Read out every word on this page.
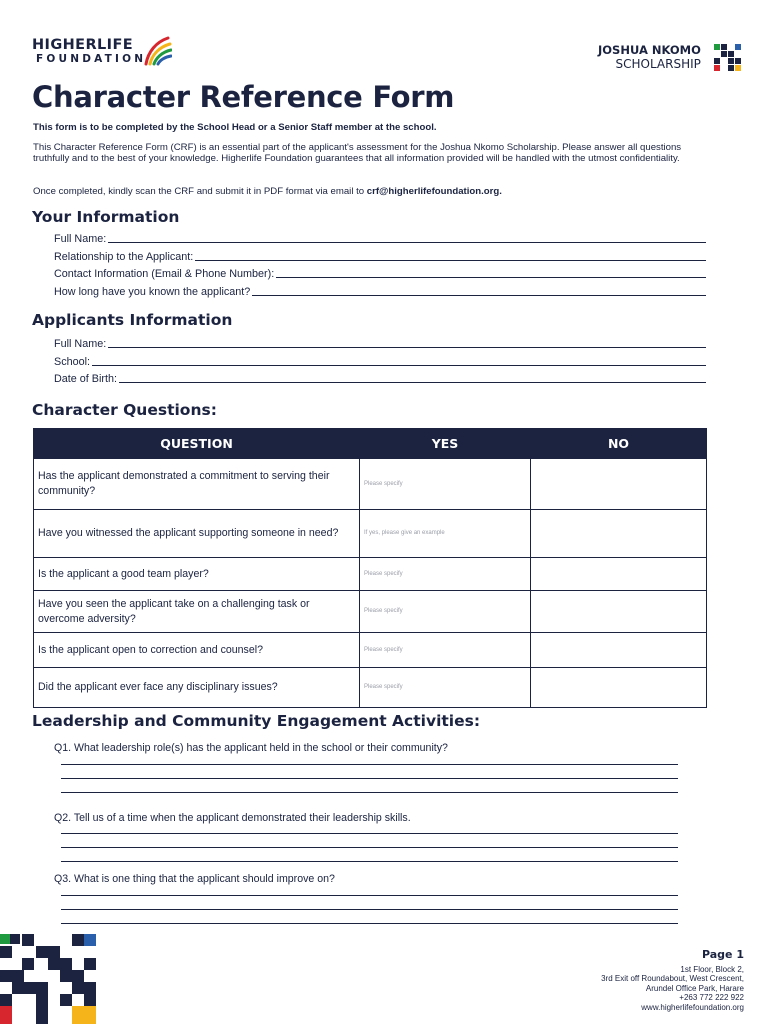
HIGHERLIFE
FOUNDATION
JOSHUA NKOMO
SCHOLARSHIP
Character Reference Form
This form is to be completed by the School Head or a Senior Staff member at the school.
This Character Reference Form (CRF) is an essential part of the applicant's assessment for the Joshua Nkomo Scholarship. Please answer all questions truthfully and to the best of your knowledge. Higherlife Foundation guarantees that all information provided will be handled with the utmost confidentiality.
Once completed, kindly scan the CRF and submit it in PDF format via email to crf@higherlifefoundation.org.
Your Information
Full Name:
Relationship to the Applicant:
Contact Information (Email & Phone Number):
How long have you known the applicant?
Applicants Information
Full Name:
School:
Date of Birth:
Character Questions:
QUESTION	YES	NO
Has the applicant demonstrated a commitment to serving their community?	Please specify	
Have you witnessed the applicant supporting someone in need?	If yes, please give an example	
Is the applicant a good team player?	Please specify	
Have you seen the applicant take on a challenging task or overcome adversity?	Please specify	
Is the applicant open to correction and counsel?	Please specify	
Did the applicant ever face any disciplinary issues?	Please specify	
Leadership and Community Engagement Activities:
Q1. What leadership role(s) has the applicant held in the school or their community?
Q2. Tell us of a time when the applicant demonstrated their leadership skills.
Q3. What is one thing that the applicant should improve on?
Page 1
1st Floor, Block 2,
3rd Exit off Roundabout, West Crescent,
Arundel Office Park, Harare
+263 772 222 922
www.higherlifefoundation.org
